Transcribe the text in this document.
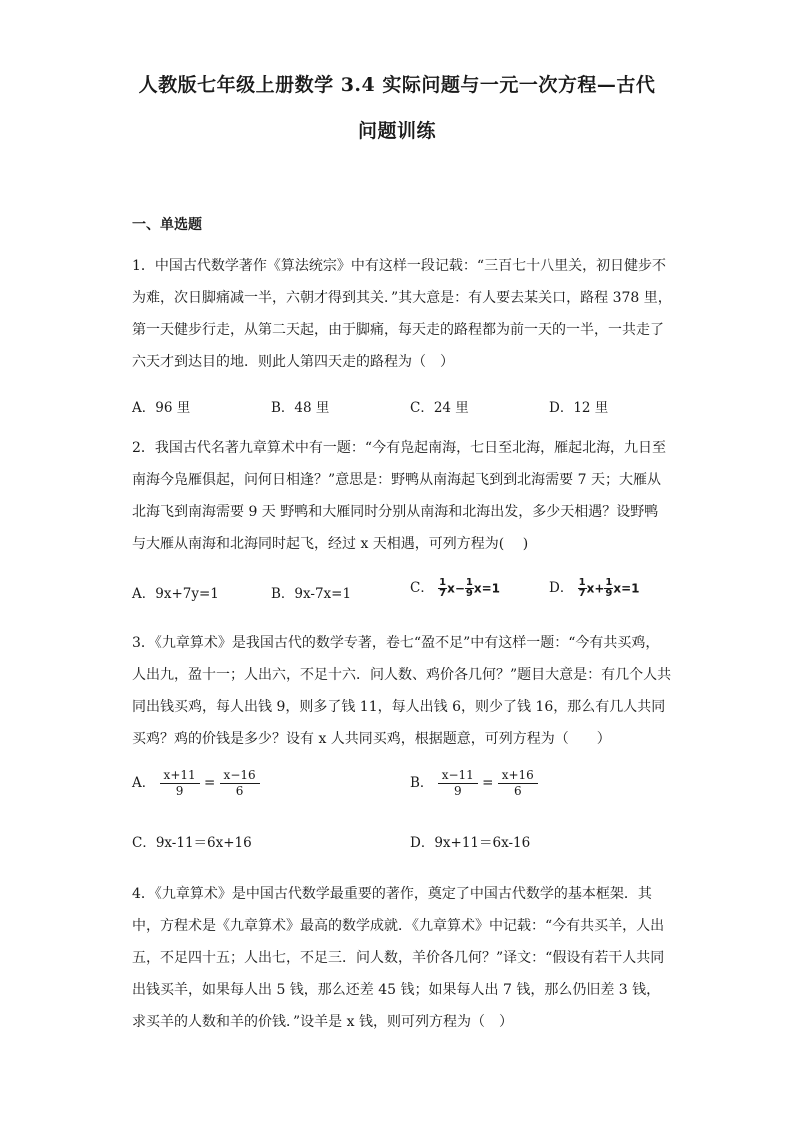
人教版七年级上册数学 3.4 实际问题与一元一次方程—古代
问题训练
一、单选题
1．中国古代数学著作《算法统宗》中有这样一段记载：“三百七十八里关，初日健步不为难，次日脚痛减一半，六朝才得到其关．”其大意是：有人要去某关口，路程 378 里，第一天健步行走，从第二天起，由于脚痛，每天走的路程都为前一天的一半，一共走了六天才到达目的地．则此人第四天走的路程为（　）
A．96 里	B．48 里	C．24 里	D．12 里
2．我国古代名著九章算术中有一题：“今有凫起南海，七日至北海，雁起北海，九日至南海今凫雁俱起，问何日相逢？”意思是：野鸭从南海起飞到到北海需要 7 天；大雁从北海飞到南海需要 9 天 野鸭和大雁同时分别从南海和北海出发，多少天相遇？设野鸭与大雁从南海和北海同时起飞，经过 x 天相遇，可列方程为(　 )
A．9x+7y=1	B．9x-7x=1	C． $\frac{1}{7} x- \frac{1}{9} x=1$	D． $\frac{1}{7} x+ \frac{1}{9} x=1$
3．《九章算术》是我国古代的数学专著，卷七“盈不足”中有这样一题：“今有共买鸡，人出九，盈十一；人出六，不足十六．问人数、鸡价各几何？”题目大意是：有几个人共同出钱买鸡，每人出钱 9，则多了钱 11，每人出钱 6，则少了钱 16，那么有几人共同买鸡？鸡的价钱是多少？设有 x 人共同买鸡，根据题意，可列方程为（　　）
A． $\frac{x+11}{9} = \frac{x-16}{6}$	B． $\frac{x-11}{9} = \frac{x+16}{6}$
C．9x-11＝6x+16	D．9x+11＝6x-16
4．《九章算术》是中国古代数学最重要的著作，奠定了中国古代数学的基本框架．其中，方程术是《九章算术》最高的数学成就．《九章算术》中记载：“今有共买羊，人出五，不足四十五；人出七，不足三．问人数，羊价各几何？”译文：“假设有若干人共同出钱买羊，如果每人出 5 钱，那么还差 45 钱；如果每人出 7 钱，那么仍旧差 3 钱，求买羊的人数和羊的价钱．”设羊是 x 钱，则可列方程为（　）
